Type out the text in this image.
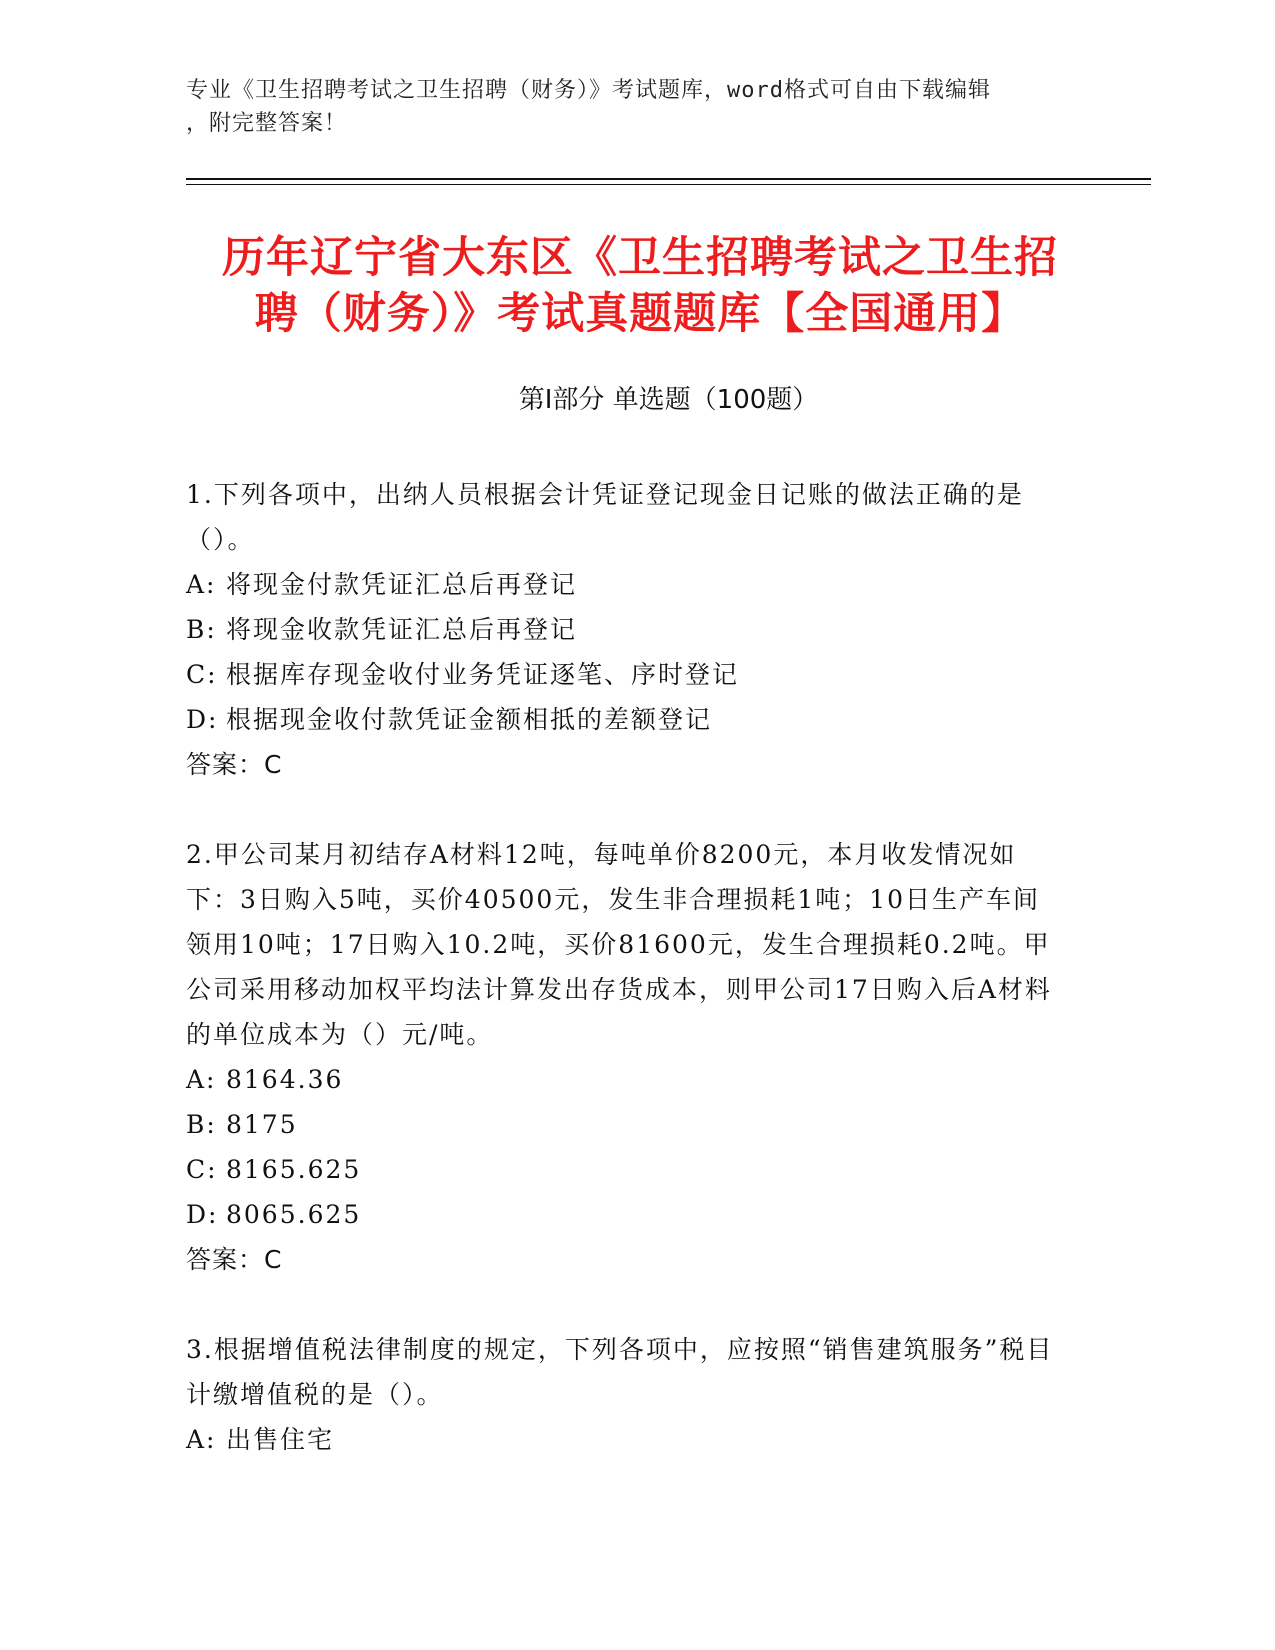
专业《卫生招聘考试之卫生招聘（财务）》考试题库，word格式可自由下载编辑
，附完整答案！
历年辽宁省大东区《卫生招聘考试之卫生招
聘（财务）》考试真题题库【全国通用】
第Ⅰ部分 单选题（100题）

1.下列各项中，出纳人员根据会计凭证登记现金日记账的做法正确的是（）。

A: 将现金付款凭证汇总后再登记

B: 将现金收款凭证汇总后再登记

C: 根据库存现金收付业务凭证逐笔、序时登记

D: 根据现金收付款凭证金额相抵的差额登记

答案：C

2.甲公司某月初结存A材料12吨，每吨单价8200元，本月收发情况如下：3日购入5吨，买价40500元，发生非合理损耗1吨；10日生产车间领用10吨；17日购入10.2吨，买价81600元，发生合理损耗0.2吨。甲公司采用移动加权平均法计算发出存货成本，则甲公司17日购入后A材料的单位成本为（）元/吨。

A: 8164.36

B: 8175

C: 8165.625

D: 8065.625

答案：C

3.根据增值税法律制度的规定，下列各项中，应按照“销售建筑服务”税目计缴增值税的是（）。

A: 出售住宅
